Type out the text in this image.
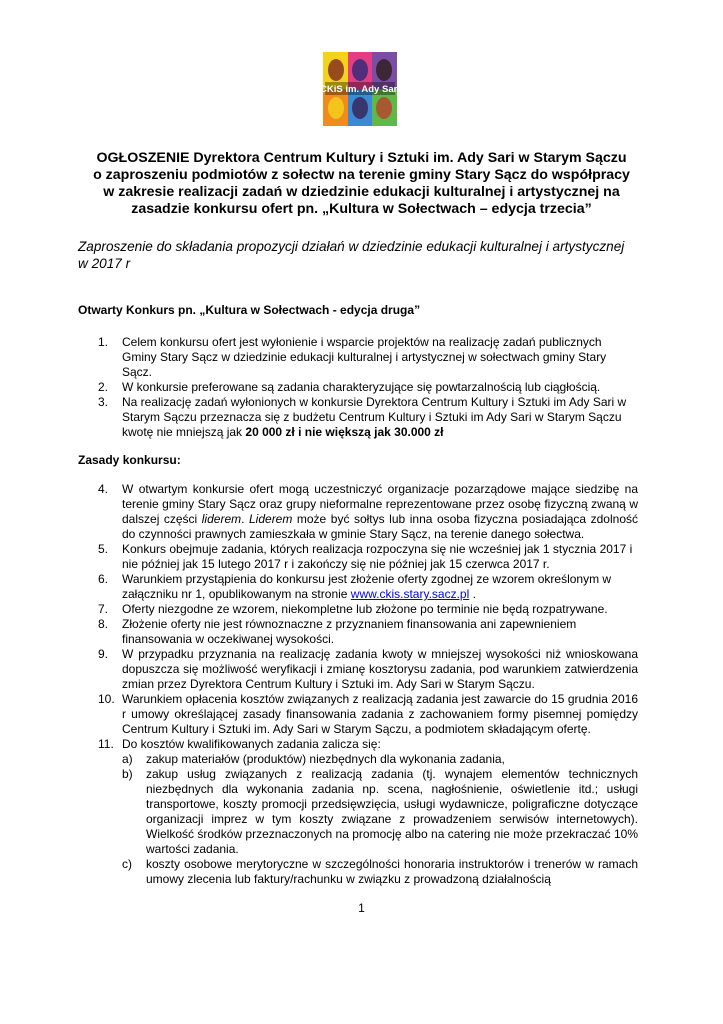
CKiS im. Ady Sari
OGŁOSZENIE Dyrektora Centrum Kultury i Sztuki im. Ady Sari w Starym Sączu
o zaproszeniu podmiotów z sołectw na terenie gminy Stary Sącz do współpracy
w zakresie realizacji zadań w dziedzinie edukacji kulturalnej i artystycznej na
zasadzie konkursu ofert pn. „Kultura w Sołectwach – edycja trzecia”
Zaproszenie do składania propozycji działań w dziedzinie edukacji kulturalnej i artystycznej
w 2017 r
Otwarty Konkurs pn. „Kultura w Sołectwach - edycja druga”
1.	Celem konkursu ofert jest wyłonienie i wsparcie projektów na realizację zadań publicznych Gminy Stary Sącz w dziedzinie edukacji kulturalnej i artystycznej w sołectwach gminy Stary Sącz.
2.	W konkursie preferowane są zadania charakteryzujące się powtarzalnością lub ciągłością.
3.	Na realizację zadań wyłonionych w konkursie Dyrektora Centrum Kultury i Sztuki im Ady Sari w Starym Sączu przeznacza się z budżetu Centrum Kultury i Sztuki im Ady Sari w Starym Sączu kwotę nie mniejszą jak 20 000 zł i nie większą jak 30.000 zł
Zasady konkursu:
4.	W otwartym konkursie ofert mogą uczestniczyć organizacje pozarządowe mające siedzibę na terenie gminy Stary Sącz oraz grupy nieformalne reprezentowane przez osobę fizyczną zwaną w dalszej części liderem. Liderem może być sołtys lub inna osoba fizyczna posiadająca zdolność do czynności prawnych zamieszkała w gminie Stary Sącz, na terenie danego sołectwa.
5.	Konkurs obejmuje zadania, których realizacja rozpoczyna się nie wcześniej jak 1 stycznia 2017 i nie później jak 15 lutego 2017 r i zakończy się nie później jak 15 czerwca 2017 r.
6.	Warunkiem przystąpienia do konkursu jest złożenie oferty zgodnej ze wzorem określonym w załączniku nr 1, opublikowanym na stronie www.ckis.stary.sacz.pl .
7.	Oferty niezgodne ze wzorem, niekompletne lub złożone po terminie nie będą rozpatrywane.
8.	Złożenie oferty nie jest równoznaczne z przyznaniem finansowania ani zapewnieniem finansowania w oczekiwanej wysokości.
9.	W przypadku przyznania na realizację zadania kwoty w mniejszej wysokości niż wnioskowana dopuszcza się możliwość weryfikacji i zmianę kosztorysu zadania, pod warunkiem zatwierdzenia zmian przez Dyrektora Centrum Kultury i Sztuki im. Ady Sari w Starym Sączu.
10. Warunkiem opłacenia kosztów związanych z realizacją zadania jest zawarcie do 15 grudnia 2016 r umowy określającej zasady finansowania zadania z zachowaniem formy pisemnej pomiędzy Centrum Kultury i Sztuki im. Ady Sari w Starym Sączu, a podmiotem składającym ofertę.
11. Do kosztów kwalifikowanych zadania zalicza się:
a)	zakup materiałów (produktów) niezbędnych dla wykonania zadania,
b)	zakup usług związanych z realizacją zadania (tj. wynajem elementów technicznych niezbędnych dla wykonania zadania np. scena, nagłośnienie, oświetlenie itd.; usługi transportowe, koszty promocji przedsięwzięcia, usługi wydawnicze, poligraficzne dotyczące organizacji imprez w tym koszty związane z prowadzeniem serwisów internetowych). Wielkość środków przeznaczonych na promocję albo na catering nie może przekraczać 10% wartości zadania.
c)	koszty osobowe merytoryczne w szczególności honoraria instruktorów i trenerów w ramach umowy zlecenia lub faktury/rachunku w związku z prowadzoną działalnością
1
